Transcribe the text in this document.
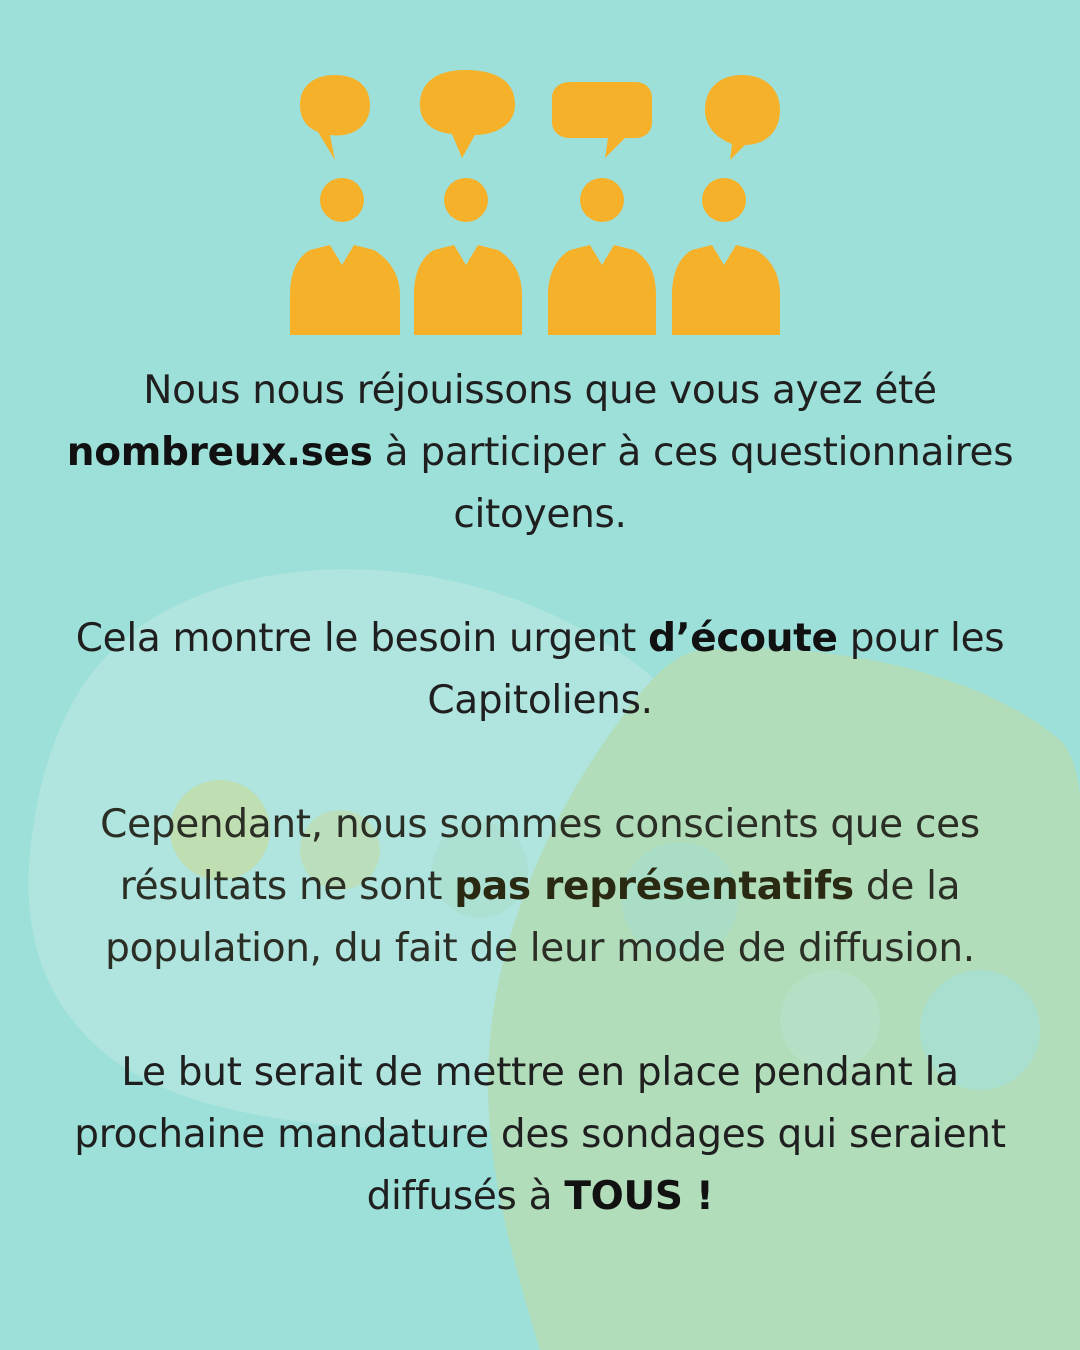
Nous nous réjouissons que vous ayez été nombreux.ses à participer à ces questionnaires citoyens.

Cela montre le besoin urgent d’écoute pour les Capitoliens.

Cependant, nous sommes conscients que ces résultats ne sont pas représentatifs de la population, du fait de leur mode de diffusion.

Le but serait de mettre en place pendant la prochaine mandature des sondages qui seraient diffusés à TOUS !
